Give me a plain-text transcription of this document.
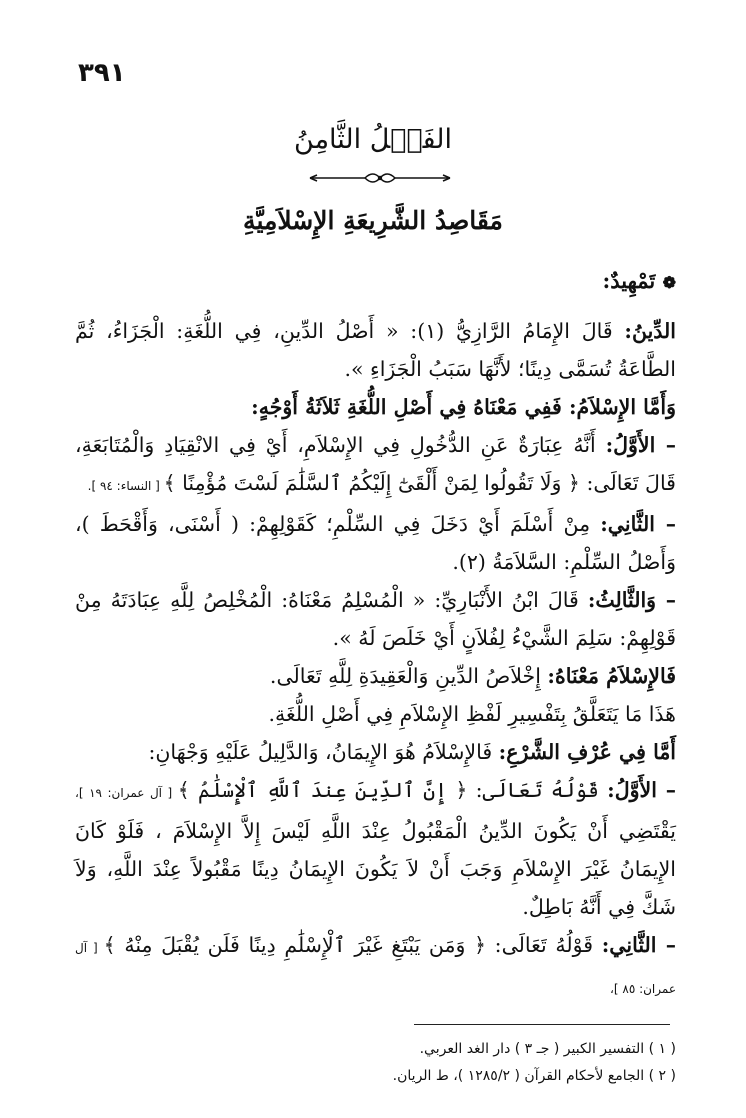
٣٩١
الفَصۡلُ الثَّامِنُ
مَقَاصِدُ الشَّرِيعَةِ الإِسْلاَمِيَّةِ

❁ تَمْهِيدٌ:

الدِّينُ: قَالَ الإِمَامُ الرَّازِيُّ (١): « أَصْلُ الدِّينِ، فِي اللُّغَةِ: الْجَزَاءُ، ثُمَّ الطَّاعَةُ تُسَمَّى دِينًا؛ لأَنَّهَا سَبَبُ الْجَزَاءِ ».

وَأَمَّا الإِسْلاَمُ: فَفِي مَعْنَاهُ فِي أَصْلِ اللُّغَةِ ثَلاَثَةُ أَوْجُهٍ:

– الأَوَّلُ: أَنَّهُ عِبَارَةٌ عَنِ الدُّخُولِ فِي الإِسْلاَمِ، أَيْ فِي الانْقِيَادِ وَالْمُتَابَعَةِ، قَالَ تَعَالَى: ﴿ وَلَا تَقُولُوا لِمَنْ أَلْقَىٰٓ إِلَيْكُمُ ٱلسَّلَٰمَ لَسْتَ مُؤْمِنًا ﴾ [ النساء: ٩٤ ].

– الثَّانِي: مِنْ أَسْلَمَ أَيْ دَخَلَ فِي السِّلْمِ؛ كَقَوْلِهِمْ: ( أَسْنَى، وَأَقْحَطَ )، وَأَصْلُ السِّلْمِ: السَّلاَمَةُ (٢).

– وَالثَّالِثُ: قَالَ ابْنُ الأَنْبَارِيِّ: « الْمُسْلِمُ مَعْنَاهُ: الْمُخْلِصُ لِلَّهِ عِبَادَتَهُ مِنْ قَوْلِهِمْ: سَلِمَ الشَّيْءُ لِفُلاَنٍ أَيْ خَلَصَ لَهُ ».

فَالإِسْلاَمُ مَعْنَاهُ: إِخْلاَصُ الدِّينِ وَالْعَقِيدَةِ لِلَّهِ تَعَالَى.

هَذَا مَا يَتَعَلَّقُ بِتَفْسِيرِ لَفْظِ الإِسْلاَمِ فِي أَصْلِ اللُّغَةِ.

أَمَّا فِي عُرْفِ الشَّرْعِ: فَالإِسْلاَمُ هُوَ الإِيمَانُ، وَالدَّلِيلُ عَلَيْهِ وَجْهَانِ:

– الأَوَّلُ: قَوْلُهُ تَعَالَى: ﴿ إِنَّ ٱلدِّينَ عِندَ ٱللَّهِ ٱلْإِسْلَٰمُ ﴾ [ آل عمران: ١٩ ]، يَقْتَضِي أَنْ يَكُونَ الدِّينُ الْمَقْبُولُ عِنْدَ اللَّهِ لَيْسَ إِلاَّ الإِسْلاَمَ ، فَلَوْ كَانَ الإِيمَانُ غَيْرَ الإِسْلاَمِ وَجَبَ أَنْ لاَ يَكُونَ الإِيمَانُ دِينًا مَقْبُولاً عِنْدَ اللَّهِ، وَلاَ شَكَّ فِي أَنَّهُ بَاطِلٌ.

– الثَّانِي: قَوْلُهُ تَعَالَى: ﴿ وَمَن يَبْتَغِ غَيْرَ ٱلْإِسْلَٰمِ دِينًا فَلَن يُقْبَلَ مِنْهُ ﴾ [ آل عمران: ٨٥ ]،

( ١ ) التفسير الكبير ( جـ ٣ ) دار الغد العربي.

( ٢ ) الجامع لأحكام القرآن ( ١٢٨٥/٢ )، ط الريان.
